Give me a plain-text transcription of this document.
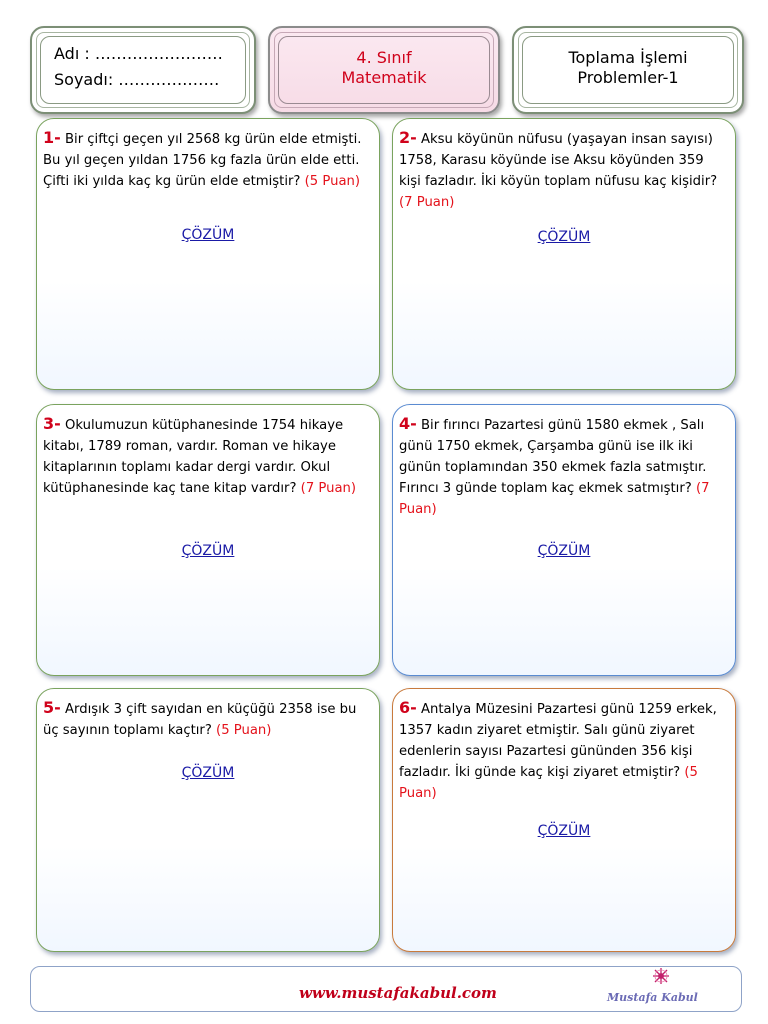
Adı : ……………………
Soyadı: ………….……
4. Sınıf
Matematik
Toplama İşlemi
Problemler-1
1- Bir çiftçi geçen yıl 2568 kg ürün elde etmişti. Bu yıl geçen yıldan 1756 kg fazla ürün elde etti. Çifti iki yılda kaç kg ürün elde etmiştir? (5 Puan)
ÇÖZÜM
2- Aksu köyünün nüfusu (yaşayan insan sayısı) 1758, Karasu köyünde ise Aksu köyünden 359 kişi fazladır. İki köyün toplam nüfusu kaç kişidir? (7 Puan)
ÇÖZÜM
3- Okulumuzun kütüphanesinde 1754 hikaye kitabı, 1789 roman, vardır. Roman ve hikaye kitaplarının toplamı kadar dergi vardır. Okul kütüphanesinde kaç tane kitap vardır? (7 Puan)
ÇÖZÜM
4- Bir fırıncı Pazartesi günü 1580 ekmek , Salı günü 1750 ekmek, Çarşamba günü ise ilk iki günün toplamından 350 ekmek fazla satmıştır. Fırıncı 3 günde toplam kaç ekmek satmıştır? (7 Puan)
ÇÖZÜM
5- Ardışık 3 çift sayıdan en küçüğü 2358 ise bu üç sayının toplamı kaçtır? (5 Puan)
ÇÖZÜM
6- Antalya Müzesini Pazartesi günü 1259 erkek, 1357 kadın ziyaret etmiştir. Salı günü ziyaret edenlerin sayısı Pazartesi gününden 356 kişi fazladır. İki günde kaç kişi ziyaret etmiştir? (5 Puan)
ÇÖZÜM
www.mustafakabul.com	Mustafa Kabul
